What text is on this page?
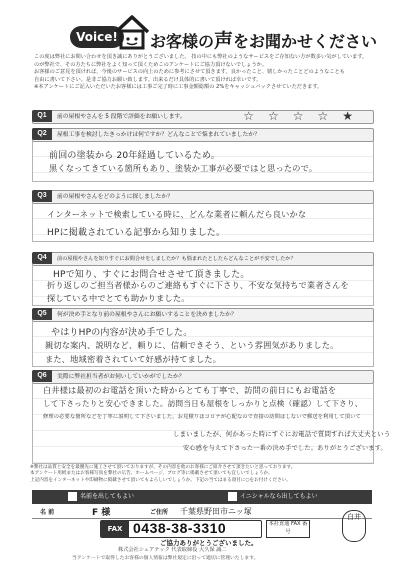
Voice!	お客様の声をお聞かせください
この度は弊社にお問い合わせを頂き誠にありがとうございました。 技の中にも弊社のようなサービスをご存知ない方が数多い気がしています。
のが弊社で、その方たちに弊社をよく知って頂くためこのアンケートにご協力頂けないでしょうか。
お客様のご意見を頂ければ、今後のサービスの向上のために参考にさせて頂きます。良かったこと、嬉しかったことどのようなことも
自由に書いて下さい。是非ご協力お願い致します。出来るだけ具体的に書いて頂ければ幸いです。
※本アンケートにご記入いただいたお客様には工事ご完了時に工事金額総額の 2%をキャッシュバックさせていただきます。
Q1	前の屋根やさんを 5 段階で評価をお願いします。	☆☆☆☆★
Q2	屋根工事を検討したきっかけは何ですか？どんなことで悩まれていましたか？
前回の塗装から 20年経過しているため。
黒くなってきている箇所もあり、塗装か工事が必要ではと思ったので。
Q3	前の屋根やさんをどのように探しましたか？
インターネットで検索している時に、どんな業者に頼んだら良いかな
HPに掲載されている記事から知りました。
Q4	前の屋根やさんを知りすぐにお問合せをしましたか？も悩まれたとしたらどんなことが不安でしたか？
HPで知り、すぐにお問合せさせて頂きました。
折り返しのご担当者様からのご連絡もすぐに下さり、不安な気持ちで業者さんを
探している中でとても助かりました。
Q5	何が決め手となり前の屋根やさんにお願いすることを決めましたか？
やはりHPの内容が決め手でした。
親切な案内、説明など、頼りに、信頼できそう、という雰囲気がありました。
また、地域密着されていて好感が持てました。
Q6	実際に弊社担当者がお伺いしていかがでしたか？
白井様は最初のお電話を頂いた時からとても丁寧で、訪問の前日にもお電話を
して下さったりと安心できました。訪問当日も屋根をしっかりと点検（確認）して下さり、
修理の必要な箇所などを丁寧に説明して下さいました。お見積りはコロナが心配なので直接の訪問はしないで郵送を利用して頂いて
しまいましたが、何かあった時にすぐにお電話で質問すれば大丈夫という
安心感を与えて下さった一番の決め手でした。ありがとうございます。
※弊社は品質と安全を最優先に施工させて頂いておりますが、その内容を他のお客様にご紹介させて頂きたいと思っております。
本アンケート用紙またはお客様写真を弊社の広告、ホームページ、ブログ等に掲載させて頂いても宜しいでしょうか。
上記内容をインターネットや印刷物に掲載させて頂いてもよろしいでしょうか。下記の当てはまる項目に○をお付けください。
名前を出してもよい	イニシャルなら出してもよい
名 前	F 様	ご住所 千葉県野田市ニッ塚
FAX 0438-38-3310	本社直通 FAX 番号
白井
ご協力ありがとうございました。
株式会社シェアテック 代表取締役 大久保 誠二
当アンケートで取得したお客様の個人情報は弊社規定に沿って適切に管理いたします。
